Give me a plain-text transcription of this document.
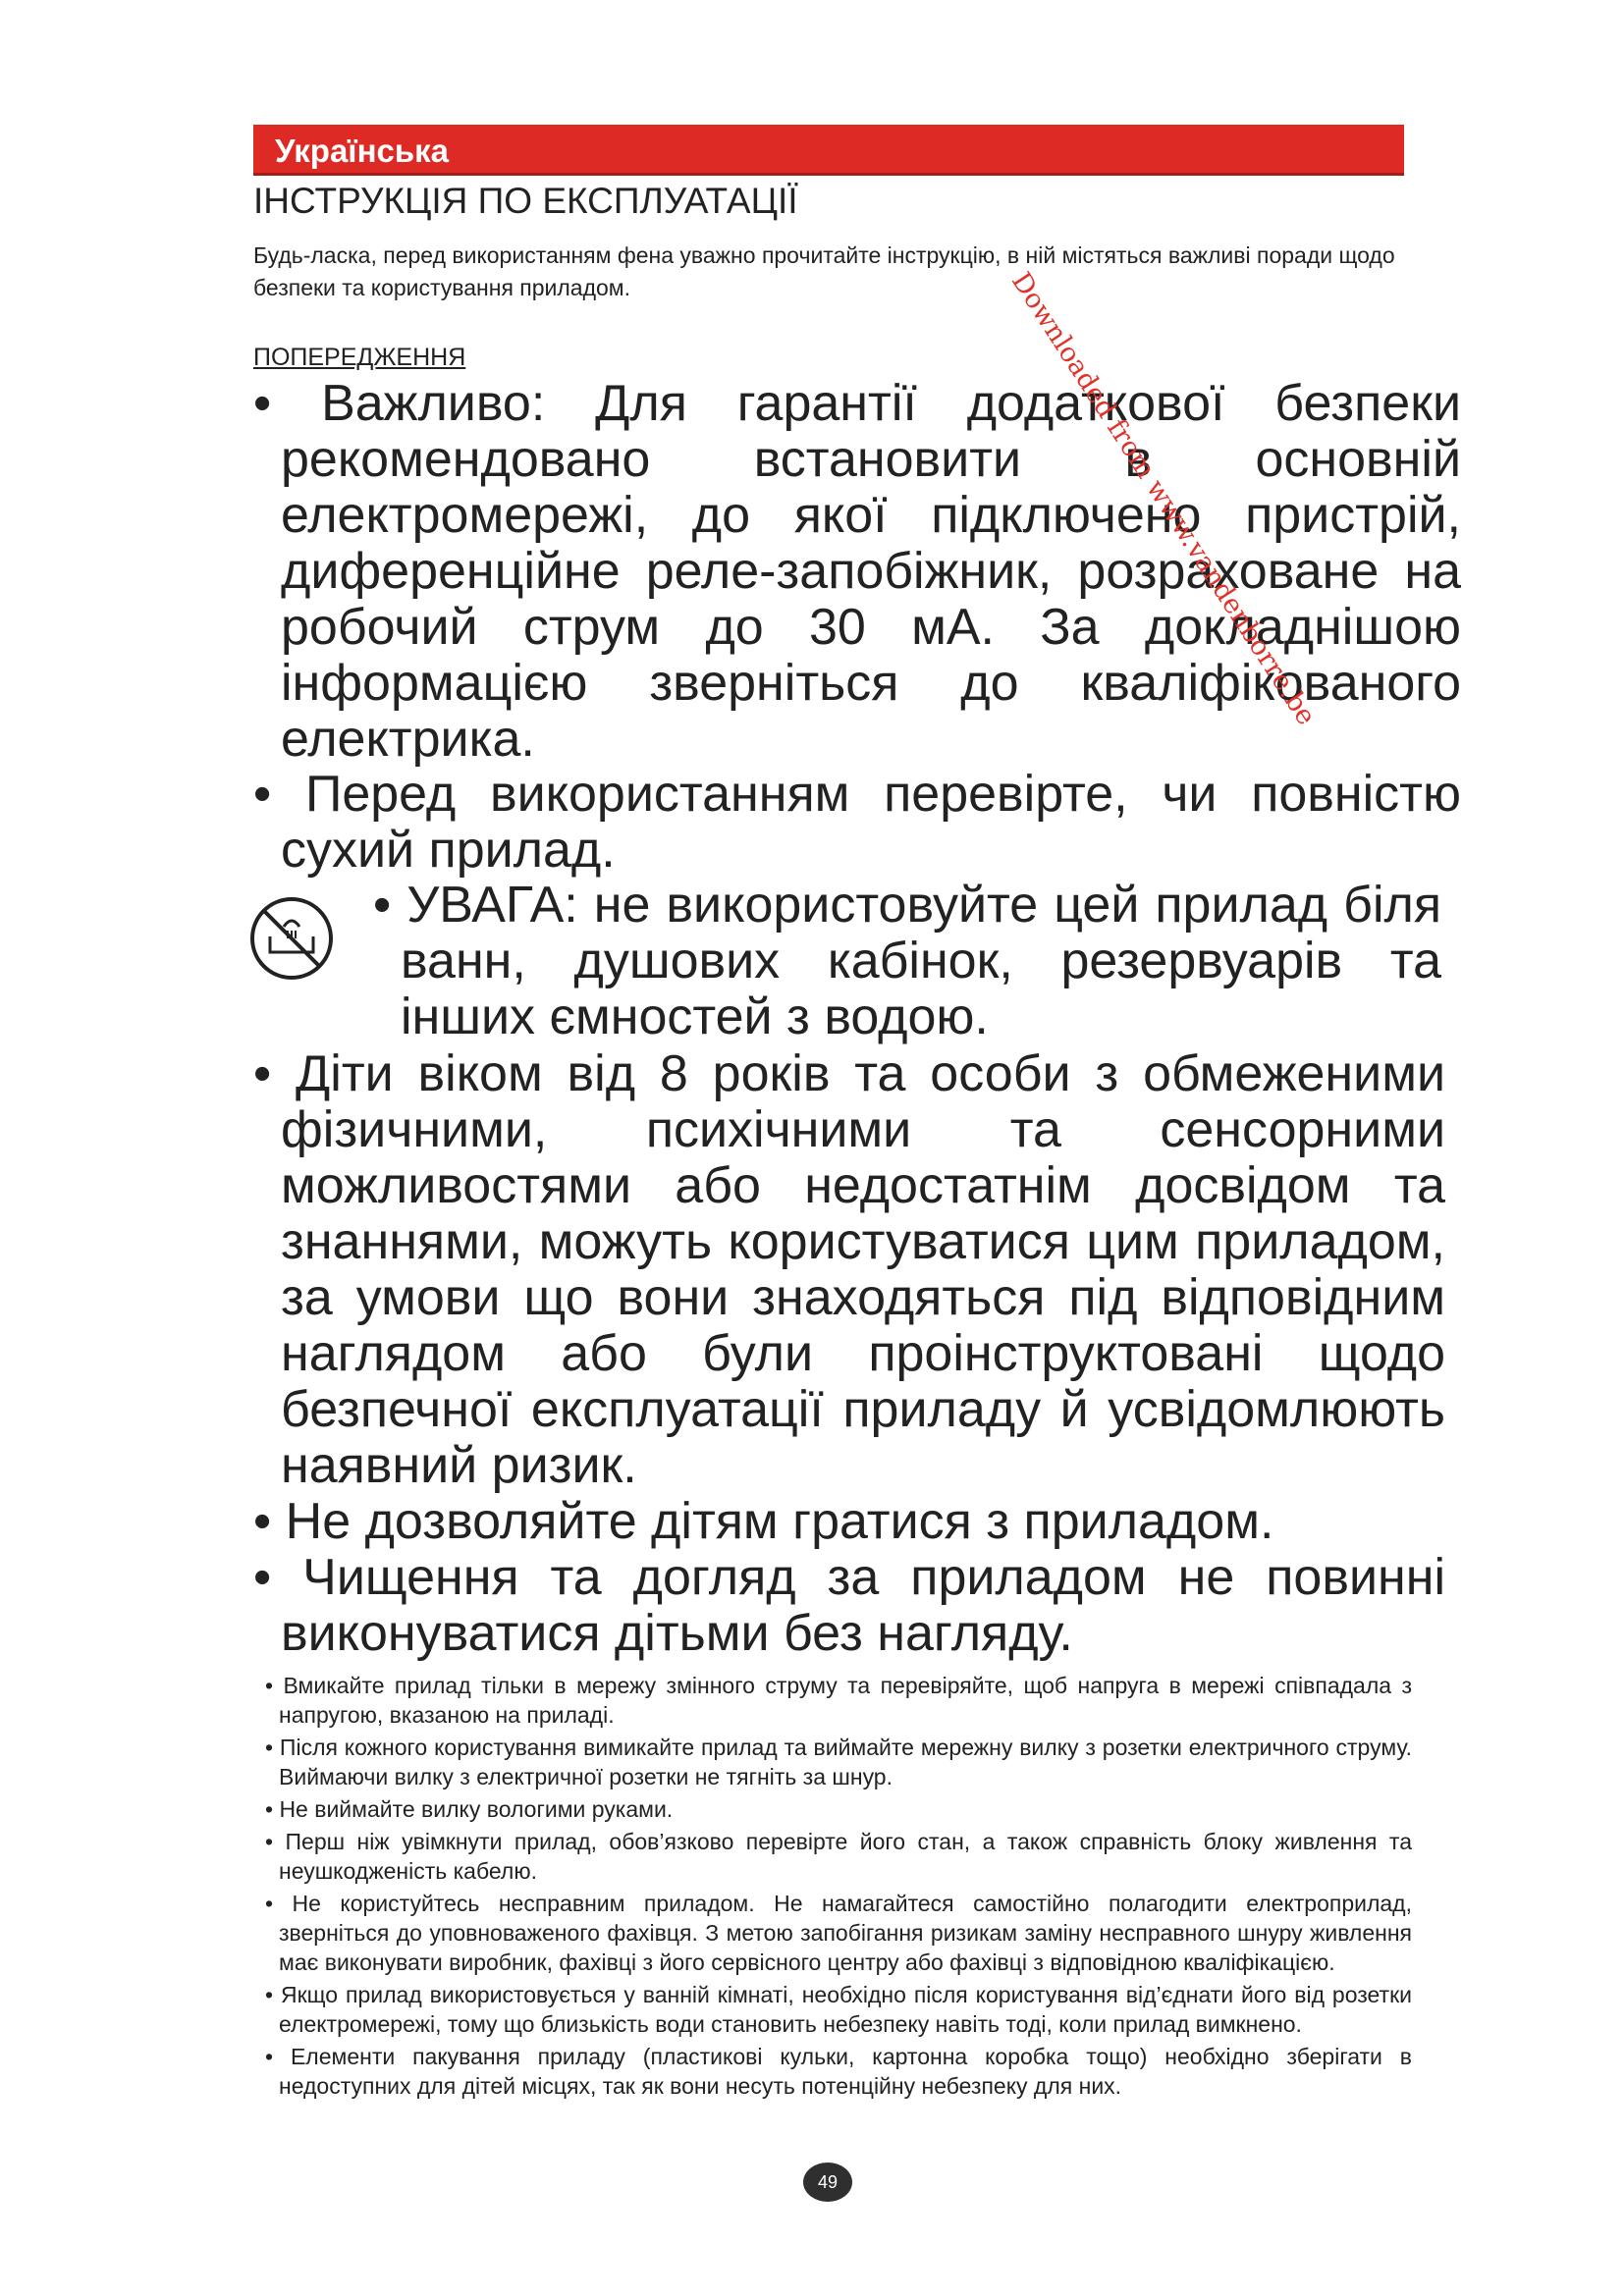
Українська
ІНСТРУКЦІЯ ПО ЕКСПЛУАТАЦІЇ
Будь-ласка, перед використанням фена уважно прочитайте інструкцію, в ній містяться важливі поради щодо безпеки та користування приладом.
ПОПЕРЕДЖЕННЯ
• Важливо: Для гарантії додаткової безпеки рекомендовано встановити в основній електромережі, до якої підключено пристрій, диференційне реле-запобіжник, розраховане на робочий струм до 30 мА. За докладнішою інформацією зверніться до кваліфікованого електрика.
• Перед використанням перевірте, чи повністю сухий прилад.
• УВАГА: не використовуйте цей прилад біля ванн, душових кабінок, резервуарів та інших ємностей з водою.
• Діти віком від 8 років та особи з обмеженими фізичними, психічними та сенсорними можливостями або недостатнім досвідом та знаннями, можуть користуватися цим приладом, за умови що вони знаходяться під відповідним наглядом або були проінструктовані щодо безпечної експлуатації приладу й усвідомлюють наявний ризик.
• Не дозволяйте дітям гратися з приладом.
• Чищення та догляд за приладом не повинні виконуватися дітьми без нагляду.
• Вмикайте прилад тільки в мережу змінного струму та перевіряйте, щоб напруга в мережі співпадала з напругою, вказаною на приладі.
• Після кожного користування вимикайте прилад та виймайте мережну вилку з розетки електричного струму. Виймаючи вилку з електричної розетки не тягніть за шнур.
• Не виймайте вилку вологими руками.
• Перш ніж увімкнути прилад, обов’язково перевірте його стан, а також справність блоку живлення та неушкодженість кабелю.
• Не користуйтесь несправним приладом. Не намагайтеся самостійно полагодити електроприлад, зверніться до уповноваженого фахівця. З метою запобігання ризикам заміну несправного шнуру живлення має виконувати виробник, фахівці з його сервісного центру або фахівці з відповідною кваліфікацією.
• Якщо прилад використовується у ванній кімнаті, необхідно після користування від’єднати його від розетки електромережі, тому що близькість води становить небезпеку навіть тоді, коли прилад вимкнено.
• Елементи пакування приладу (пластикові кульки, картонна коробка тощо) необхідно зберігати в недоступних для дітей місцях, так як вони несуть потенційну небезпеку для них.
Downloaded from www.vandenborre.be
49
